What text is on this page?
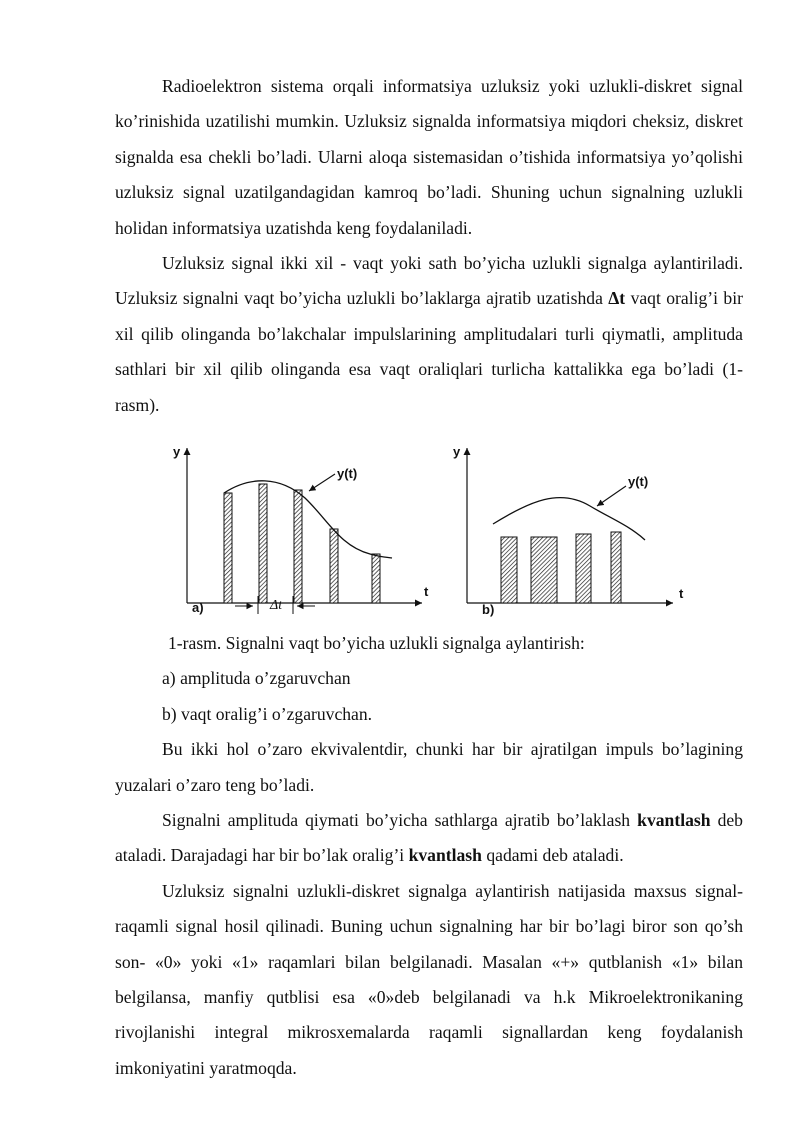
Radioelektron sistema orqali informatsiya uzluksiz yoki uzlukli-diskret signal ko’rinishida uzatilishi mumkin. Uzluksiz signalda informatsiya miqdori cheksiz, diskret signalda esa chekli bo’ladi. Ularni aloqa sistemasidan o’tishida informatsiya yo’qolishi uzluksiz signal uzatilgandagidan kamroq bo’ladi. Shuning uchun signalning uzlukli holidan informatsiya uzatishda keng foydalaniladi.

Uzluksiz signal ikki xil - vaqt yoki sath bo’yicha uzlukli signalga aylantiriladi. Uzluksiz signalni vaqt bo’yicha uzlukli bo’laklarga ajratib uzatishda Δt vaqt oralig’i bir xil qilib olinganda bo’lakchalar impulslarining amplitudalari turli qiymatli, amplituda sathlari bir xil qilib olinganda esa vaqt oraliqlari turlicha kattalikka ega bo’ladi (1- rasm).

y
t
y(t)
a)	Δt
y
t
y(t)
b)

1-rasm. Signalni vaqt bo’yicha uzlukli signalga aylantirish:

a) amplituda o’zgaruvchan

b) vaqt oralig’i o’zgaruvchan.

Bu ikki hol o’zaro ekvivalentdir, chunki har bir ajratilgan impuls bo’lagining yuzalari o’zaro teng bo’ladi.

Signalni amplituda qiymati bo’yicha sathlarga ajratib bo’laklash kvantlash deb ataladi. Darajadagi har bir bo’lak oralig’i kvantlash qadami deb ataladi.

Uzluksiz signalni uzlukli-diskret signalga aylantirish natijasida maxsus signal- raqamli signal hosil qilinadi. Buning uchun signalning har bir bo’lagi biror son qo’sh son- «0» yoki «1» raqamlari bilan belgilanadi. Masalan «+» qutblanish «1» bilan belgilansa, manfiy qutblisi esa «0»deb belgilanadi va h.k Mikroelektronikaning rivojlanishi integral mikrosxemalarda raqamli signallardan keng foydalanish imkoniyatini yaratmoqda.
